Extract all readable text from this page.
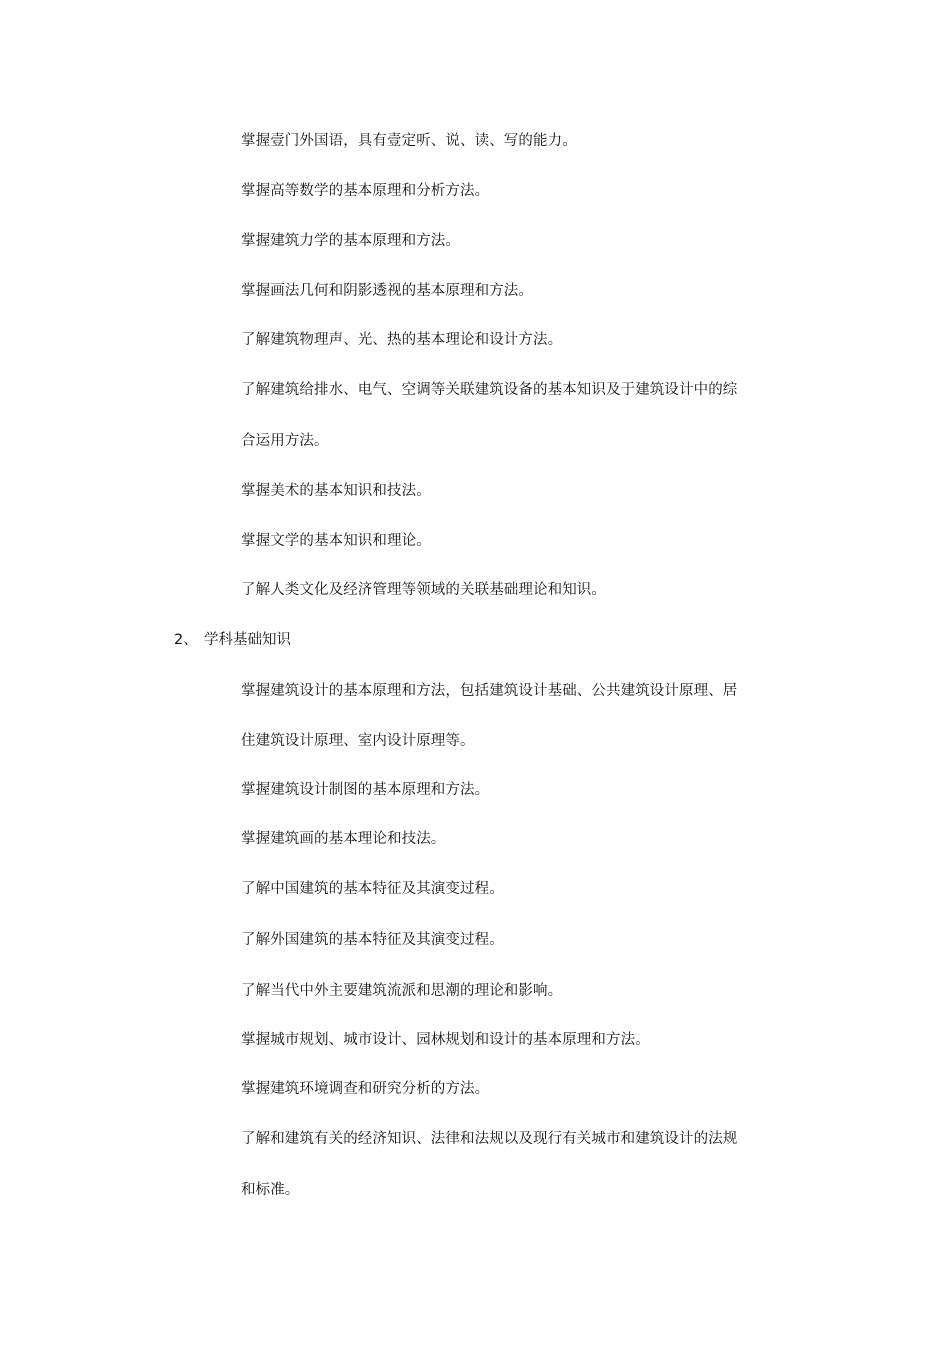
掌握壹门外国语，具有壹定听、说、读、写的能力。
掌握高等数学的基本原理和分析方法。
掌握建筑力学的基本原理和方法。
掌握画法几何和阴影透视的基本原理和方法。
了解建筑物理声、光、热的基本理论和设计方法。
了解建筑给排水、电气、空调等关联建筑设备的基本知识及于建筑设计中的综
合运用方法。
掌握美术的基本知识和技法。
掌握文学的基本知识和理论。
了解人类文化及经济管理等领域的关联基础理论和知识。
2、 学科基础知识
掌握建筑设计的基本原理和方法，包括建筑设计基础、公共建筑设计原理、居
住建筑设计原理、室内设计原理等。
掌握建筑设计制图的基本原理和方法。
掌握建筑画的基本理论和技法。
了解中国建筑的基本特征及其演变过程。
了解外国建筑的基本特征及其演变过程。
了解当代中外主要建筑流派和思潮的理论和影响。
掌握城市规划、城市设计、园林规划和设计的基本原理和方法。
掌握建筑环境调查和研究分析的方法。
了解和建筑有关的经济知识、法律和法规以及现行有关城市和建筑设计的法规
和标准。
